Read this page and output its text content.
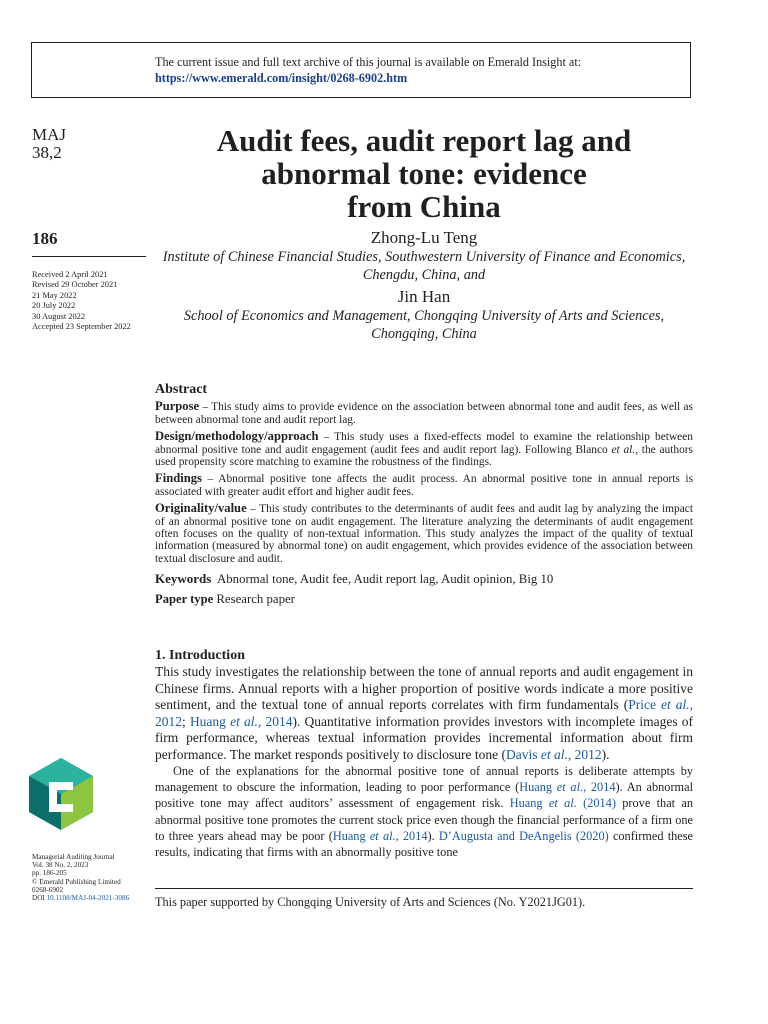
The current issue and full text archive of this journal is available on Emerald Insight at:
https://www.emerald.com/insight/0268-6902.htm
MAJ
38,2
186
Received 2 April 2021
Revised 29 October 2021
21 May 2022
20 July 2022
30 August 2022
Accepted 23 September 2022
Audit fees, audit report lag and
abnormal tone: evidence
from China
Zhong-Lu Teng
Institute of Chinese Financial Studies, Southwestern University of Finance and Economics, Chengdu, China, and
Jin Han
School of Economics and Management, Chongqing University of Arts and Sciences, Chongqing, China
Abstract

Purpose – This study aims to provide evidence on the association between abnormal tone and audit fees, as well as between abnormal tone and audit report lag.

Design/methodology/approach – This study uses a fixed-effects model to examine the relationship between abnormal positive tone and audit engagement (audit fees and audit report lag). Following Blanco et al., the authors used propensity score matching to examine the robustness of the findings.

Findings – Abnormal positive tone affects the audit process. An abnormal positive tone in annual reports is associated with greater audit effort and higher audit fees.

Originality/value – This study contributes to the determinants of audit fees and audit lag by analyzing the impact of an abnormal positive tone on audit engagement. The literature analyzing the determinants of audit engagement often focuses on the quality of non-textual information. This study analyzes the impact of the quality of textual information (measured by abnormal tone) on audit engagement, which provides evidence of the association between textual disclosure and audit.

Keywords Abnormal tone, Audit fee, Audit report lag, Audit opinion, Big 10
Paper type Research paper
1. Introduction

This study investigates the relationship between the tone of annual reports and audit engagement in Chinese firms. Annual reports with a higher proportion of positive words indicate a more positive sentiment, and the textual tone of annual reports correlates with firm fundamentals (Price et al., 2012; Huang et al., 2014). Quantitative information provides investors with incomplete images of firm performance, whereas textual information provides incremental information about firm performance. The market responds positively to disclosure tone (Davis et al., 2012).

One of the explanations for the abnormal positive tone of annual reports is deliberate attempts by management to obscure the information, leading to poor performance (Huang et al., 2014). An abnormal positive tone may affect auditors’ assessment of engagement risk. Huang et al. (2014) prove that an abnormal positive tone promotes the current stock price even though the financial performance of a firm one to three years ahead may be poor (Huang et al., 2014). D’Augusta and DeAngelis (2020) confirmed these results, indicating that firms with an abnormally positive tone

This paper supported by Chongqing University of Arts and Sciences (No. Y2021JG01).
Managerial Auditing Journal
Vol. 38 No. 2, 2023
pp. 186-205
© Emerald Publishing Limited
0268-6902
DOI 10.1108/MAJ-04-2021-3086
